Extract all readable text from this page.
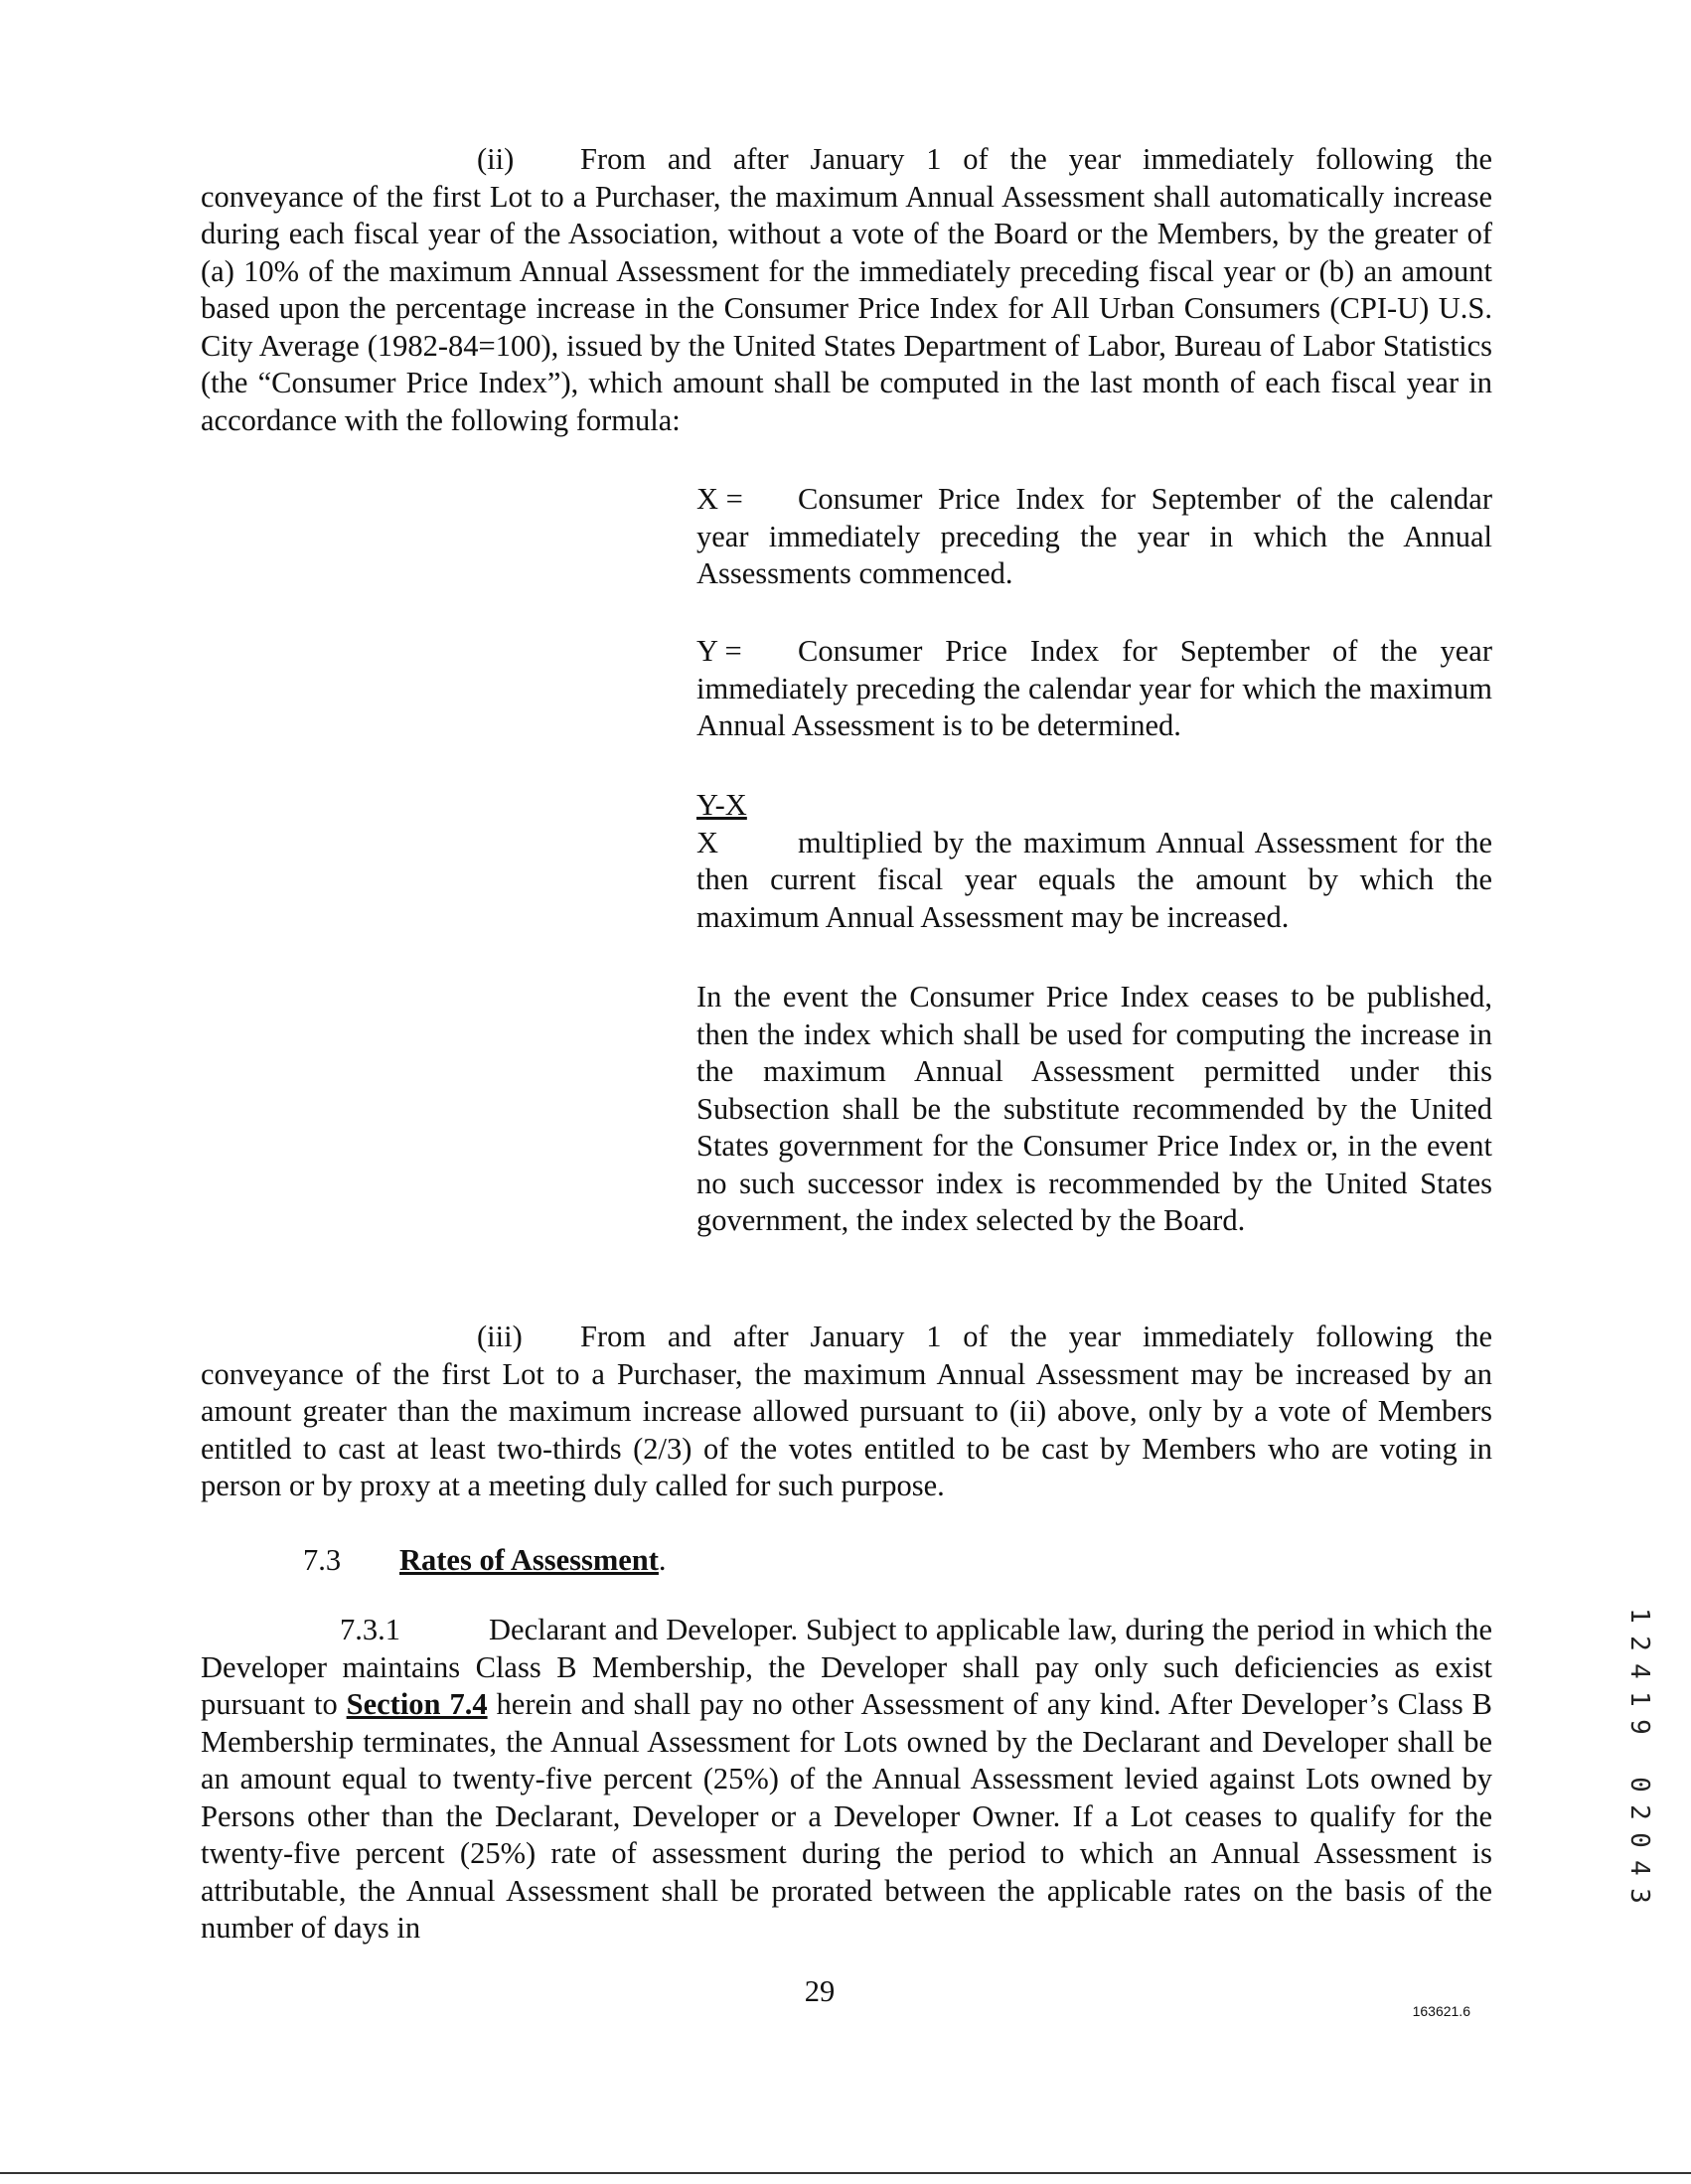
(ii) From and after January 1 of the year immediately following the conveyance of the first Lot to a Purchaser, the maximum Annual Assessment shall automatically increase during each fiscal year of the Association, without a vote of the Board or the Members, by the greater of (a) 10% of the maximum Annual Assessment for the immediately preceding fiscal year or (b) an amount based upon the percentage increase in the Consumer Price Index for All Urban Consumers (CPI-U) U.S. City Average (1982-84=100), issued by the United States Department of Labor, Bureau of Labor Statistics (the “Consumer Price Index”), which amount shall be computed in the last month of each fiscal year in accordance with the following formula:

X = Consumer Price Index for September of the calendar year immediately preceding the year in which the Annual Assessments commenced.

Y = Consumer Price Index for September of the year immediately preceding the calendar year for which the maximum Annual Assessment is to be determined.

Y-X
X	multiplied by the maximum Annual Assessment for the then current fiscal year equals the amount by which the maximum Annual Assessment may be increased.

In the event the Consumer Price Index ceases to be published, then the index which shall be used for computing the increase in the maximum Annual Assessment permitted under this Subsection shall be the substitute recommended by the United States government for the Consumer Price Index or, in the event no such successor index is recommended by the United States government, the index selected by the Board.

(iii) From and after January 1 of the year immediately following the conveyance of the first Lot to a Purchaser, the maximum Annual Assessment may be increased by an amount greater than the maximum increase allowed pursuant to (ii) above, only by a vote of Members entitled to cast at least two-thirds (2/3) of the votes entitled to be cast by Members who are voting in person or by proxy at a meeting duly called for such purpose.

7.3 Rates of Assessment.

7.3.1	Declarant and Developer. Subject to applicable law, during the period in which the Developer maintains Class B Membership, the Developer shall pay only such deficiencies as exist pursuant to Section 7.4 herein and shall pay no other Assessment of any kind. After Developer’s Class B Membership terminates, the Annual Assessment for Lots owned by the Declarant and Developer shall be an amount equal to twenty-five percent (25%) of the Annual Assessment levied against Lots owned by Persons other than the Declarant, Developer or a Developer Owner. If a Lot ceases to qualify for the twenty-five percent (25%) rate of assessment during the period to which an Annual Assessment is attributable, the Annual Assessment shall be prorated between the applicable rates on the basis of the number of days in

29
163621.6
1
2
4
1
9
0
2
0
4
3
